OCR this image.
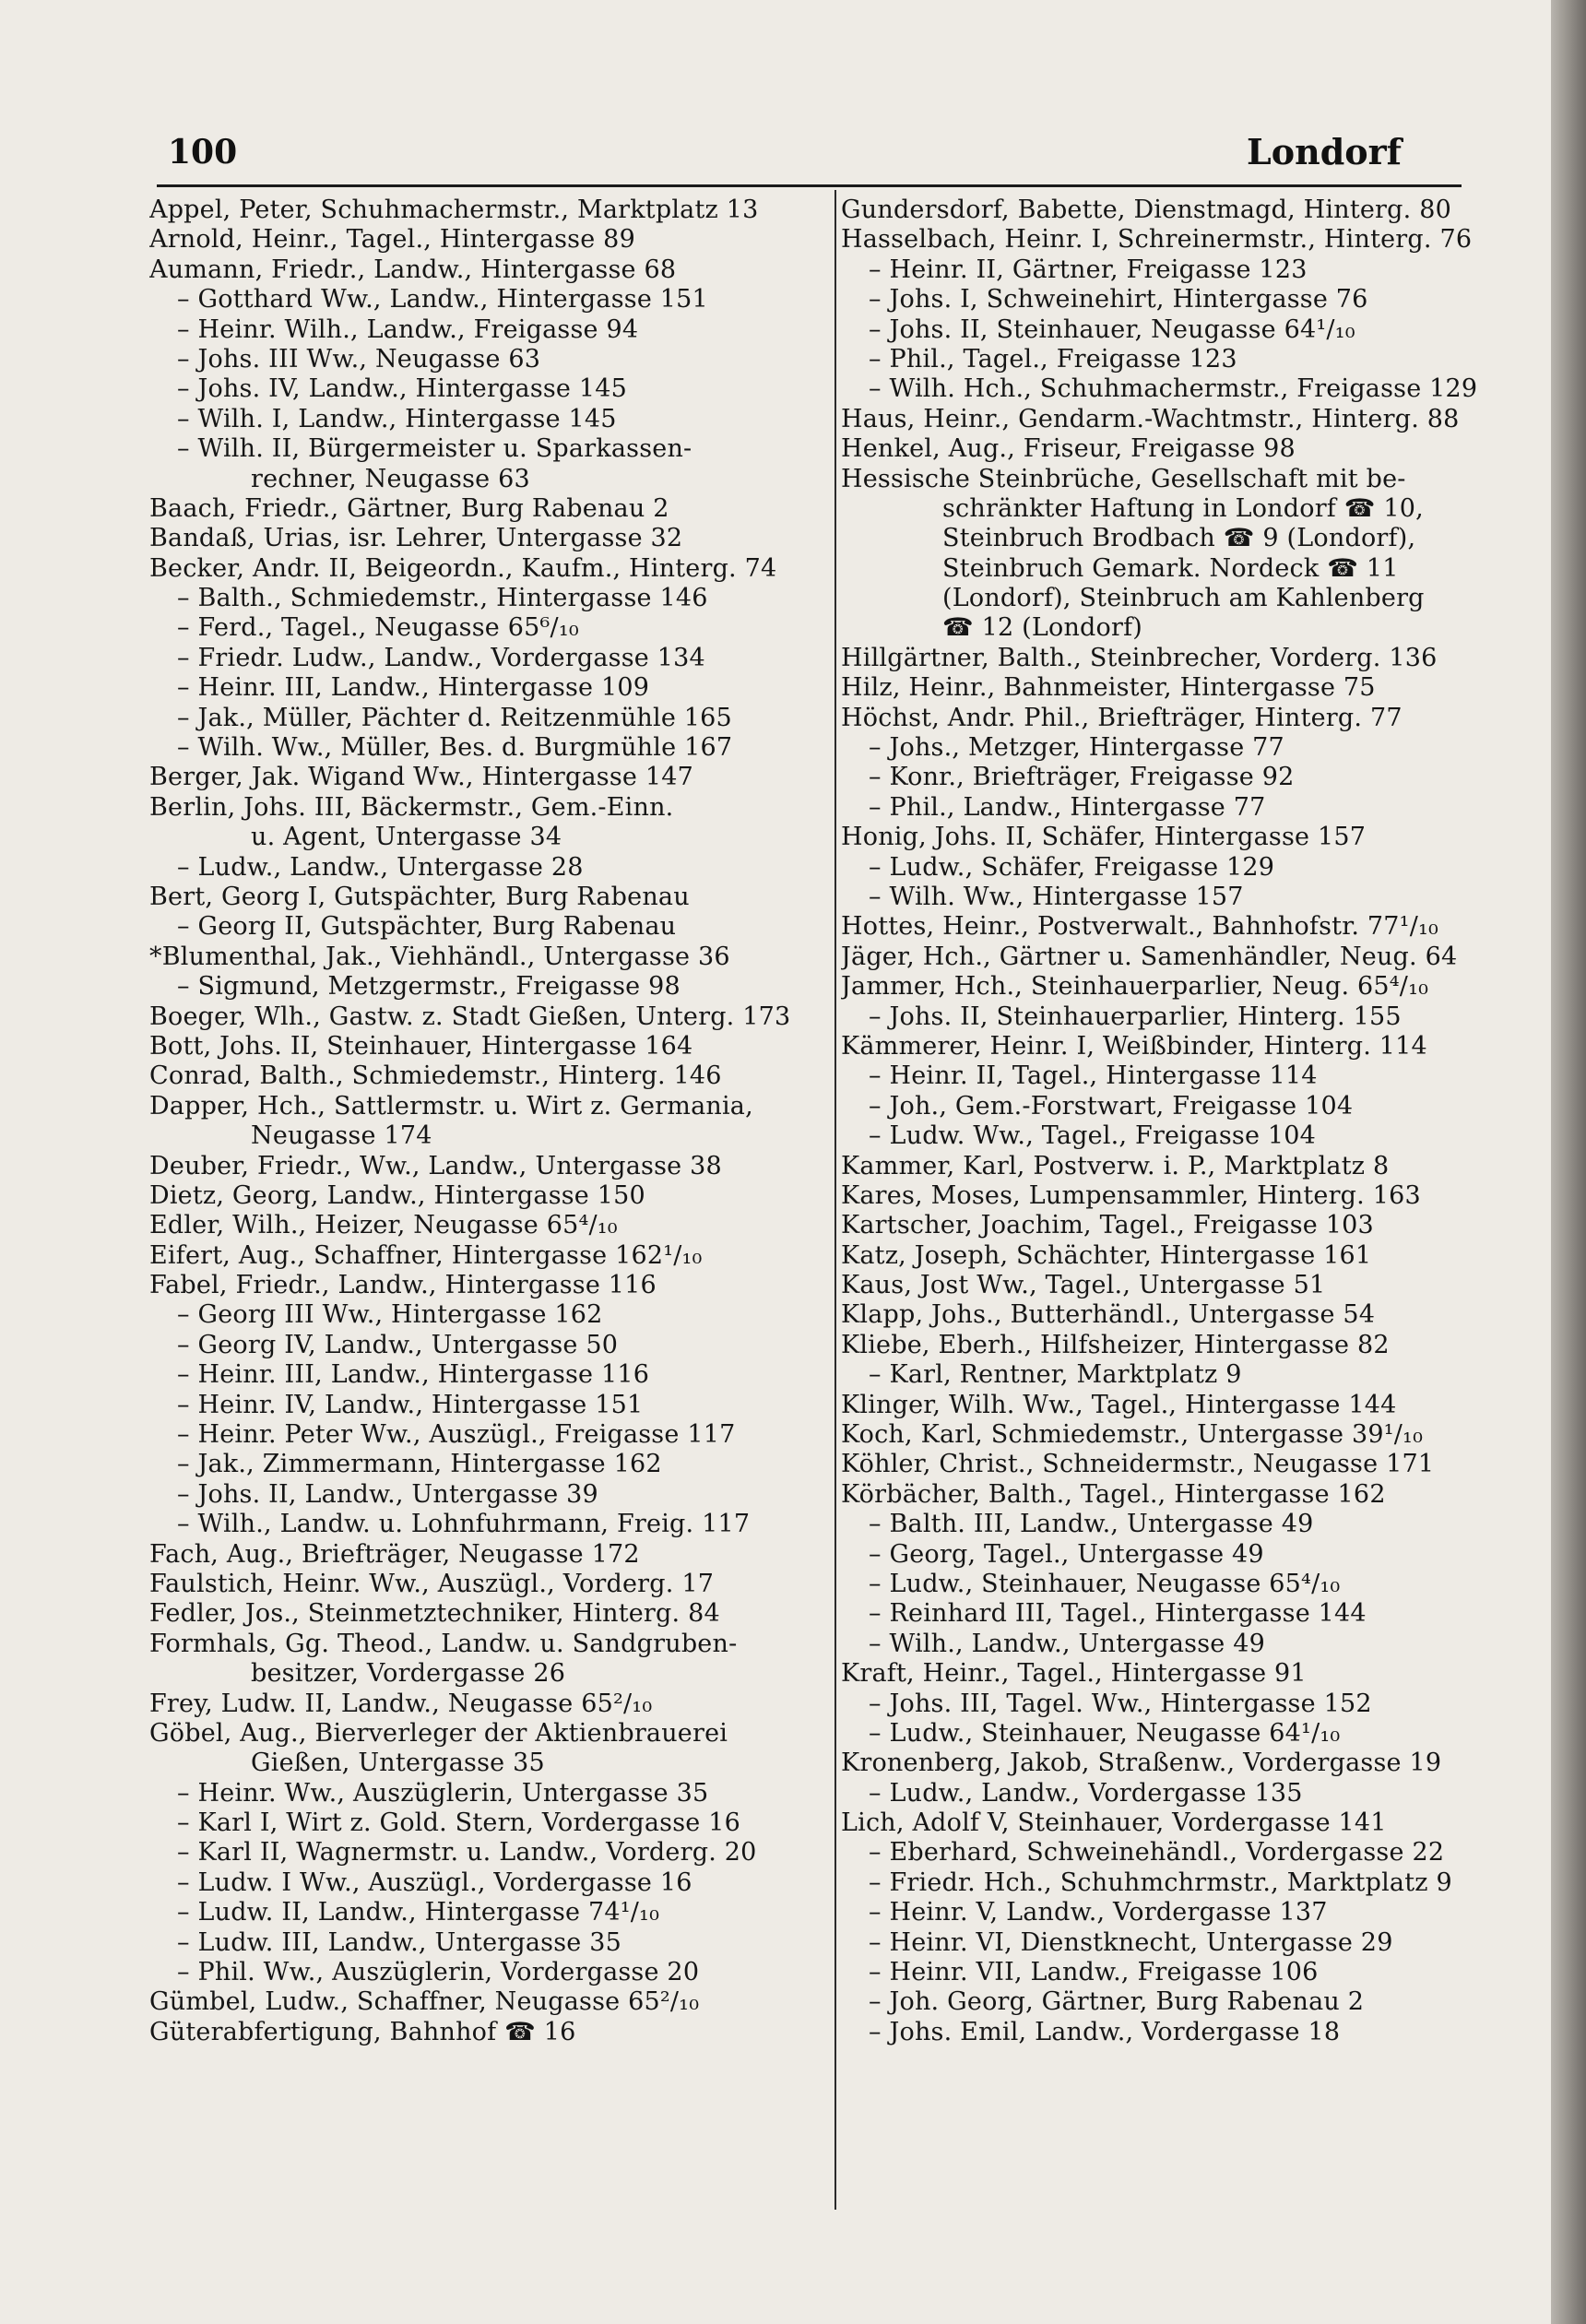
100	Londorf
Appel, Peter, Schuhmachermstr., Marktplatz 13
Arnold, Heinr., Tagel., Hintergasse 89
Aumann, Friedr., Landw., Hintergasse 68
– Gotthard Ww., Landw., Hintergasse 151
– Heinr. Wilh., Landw., Freigasse 94
– Johs. III Ww., Neugasse 63
– Johs. IV, Landw., Hintergasse 145
– Wilh. I, Landw., Hintergasse 145
– Wilh. II, Bürgermeister u. Sparkassen-
rechner, Neugasse 63
Baach, Friedr., Gärtner, Burg Rabenau 2
Bandaß, Urias, isr. Lehrer, Untergasse 32
Becker, Andr. II, Beigeordn., Kaufm., Hinterg. 74
– Balth., Schmiedemstr., Hintergasse 146
– Ferd., Tagel., Neugasse 65⁶/₁₀
– Friedr. Ludw., Landw., Vordergasse 134
– Heinr. III, Landw., Hintergasse 109
– Jak., Müller, Pächter d. Reitzenmühle 165
– Wilh. Ww., Müller, Bes. d. Burgmühle 167
Berger, Jak. Wigand Ww., Hintergasse 147
Berlin, Johs. III, Bäckermstr., Gem.-Einn.
u. Agent, Untergasse 34
– Ludw., Landw., Untergasse 28
Bert, Georg I, Gutspächter, Burg Rabenau
– Georg II, Gutspächter, Burg Rabenau
*Blumenthal, Jak., Viehhändl., Untergasse 36
– Sigmund, Metzgermstr., Freigasse 98
Boeger, Wlh., Gastw. z. Stadt Gießen, Unterg. 173
Bott, Johs. II, Steinhauer, Hintergasse 164
Conrad, Balth., Schmiedemstr., Hinterg. 146
Dapper, Hch., Sattlermstr. u. Wirt z. Germania,
Neugasse 174
Deuber, Friedr., Ww., Landw., Untergasse 38
Dietz, Georg, Landw., Hintergasse 150
Edler, Wilh., Heizer, Neugasse 65⁴/₁₀
Eifert, Aug., Schaffner, Hintergasse 162¹/₁₀
Fabel, Friedr., Landw., Hintergasse 116
– Georg III Ww., Hintergasse 162
– Georg IV, Landw., Untergasse 50
– Heinr. III, Landw., Hintergasse 116
– Heinr. IV, Landw., Hintergasse 151
– Heinr. Peter Ww., Auszügl., Freigasse 117
– Jak., Zimmermann, Hintergasse 162
– Johs. II, Landw., Untergasse 39
– Wilh., Landw. u. Lohnfuhrmann, Freig. 117
Fach, Aug., Briefträger, Neugasse 172
Faulstich, Heinr. Ww., Auszügl., Vorderg. 17
Fedler, Jos., Steinmetztechniker, Hinterg. 84
Formhals, Gg. Theod., Landw. u. Sandgruben-
besitzer, Vordergasse 26
Frey, Ludw. II, Landw., Neugasse 65²/₁₀
Göbel, Aug., Bierverleger der Aktienbrauerei
Gießen, Untergasse 35
– Heinr. Ww., Auszüglerin, Untergasse 35
– Karl I, Wirt z. Gold. Stern, Vordergasse 16
– Karl II, Wagnermstr. u. Landw., Vorderg. 20
– Ludw. I Ww., Auszügl., Vordergasse 16
– Ludw. II, Landw., Hintergasse 74¹/₁₀
– Ludw. III, Landw., Untergasse 35
– Phil. Ww., Auszüglerin, Vordergasse 20
Gümbel, Ludw., Schaffner, Neugasse 65²/₁₀
Güterabfertigung, Bahnhof ☎ 16
Gundersdorf, Babette, Dienstmagd, Hinterg. 80
Hasselbach, Heinr. I, Schreinermstr., Hinterg. 76
– Heinr. II, Gärtner, Freigasse 123
– Johs. I, Schweinehirt, Hintergasse 76
– Johs. II, Steinhauer, Neugasse 64¹/₁₀
– Phil., Tagel., Freigasse 123
– Wilh. Hch., Schuhmachermstr., Freigasse 129
Haus, Heinr., Gendarm.-Wachtmstr., Hinterg. 88
Henkel, Aug., Friseur, Freigasse 98
Hessische Steinbrüche, Gesellschaft mit be-
schränkter Haftung in Londorf ☎ 10,
Steinbruch Brodbach ☎ 9 (Londorf),
Steinbruch Gemark. Nordeck ☎ 11
(Londorf), Steinbruch am Kahlenberg
☎ 12 (Londorf)
Hillgärtner, Balth., Steinbrecher, Vorderg. 136
Hilz, Heinr., Bahnmeister, Hintergasse 75
Höchst, Andr. Phil., Briefträger, Hinterg. 77
– Johs., Metzger, Hintergasse 77
– Konr., Briefträger, Freigasse 92
– Phil., Landw., Hintergasse 77
Honig, Johs. II, Schäfer, Hintergasse 157
– Ludw., Schäfer, Freigasse 129
– Wilh. Ww., Hintergasse 157
Hottes, Heinr., Postverwalt., Bahnhofstr. 77¹/₁₀
Jäger, Hch., Gärtner u. Samenhändler, Neug. 64
Jammer, Hch., Steinhauerparlier, Neug. 65⁴/₁₀
– Johs. II, Steinhauerparlier, Hinterg. 155
Kämmerer, Heinr. I, Weißbinder, Hinterg. 114
– Heinr. II, Tagel., Hintergasse 114
– Joh., Gem.-Forstwart, Freigasse 104
– Ludw. Ww., Tagel., Freigasse 104
Kammer, Karl, Postverw. i. P., Marktplatz 8
Kares, Moses, Lumpensammler, Hinterg. 163
Kartscher, Joachim, Tagel., Freigasse 103
Katz, Joseph, Schächter, Hintergasse 161
Kaus, Jost Ww., Tagel., Untergasse 51
Klapp, Johs., Butterhändl., Untergasse 54
Kliebe, Eberh., Hilfsheizer, Hintergasse 82
– Karl, Rentner, Marktplatz 9
Klinger, Wilh. Ww., Tagel., Hintergasse 144
Koch, Karl, Schmiedemstr., Untergasse 39¹/₁₀
Köhler, Christ., Schneidermstr., Neugasse 171
Körbächer, Balth., Tagel., Hintergasse 162
– Balth. III, Landw., Untergasse 49
– Georg, Tagel., Untergasse 49
– Ludw., Steinhauer, Neugasse 65⁴/₁₀
– Reinhard III, Tagel., Hintergasse 144
– Wilh., Landw., Untergasse 49
Kraft, Heinr., Tagel., Hintergasse 91
– Johs. III, Tagel. Ww., Hintergasse 152
– Ludw., Steinhauer, Neugasse 64¹/₁₀
Kronenberg, Jakob, Straßenw., Vordergasse 19
– Ludw., Landw., Vordergasse 135
Lich, Adolf V, Steinhauer, Vordergasse 141
– Eberhard, Schweinehändl., Vordergasse 22
– Friedr. Hch., Schuhmchrmstr., Marktplatz 9
– Heinr. V, Landw., Vordergasse 137
– Heinr. VI, Dienstknecht, Untergasse 29
– Heinr. VII, Landw., Freigasse 106
– Joh. Georg, Gärtner, Burg Rabenau 2
– Johs. Emil, Landw., Vordergasse 18
